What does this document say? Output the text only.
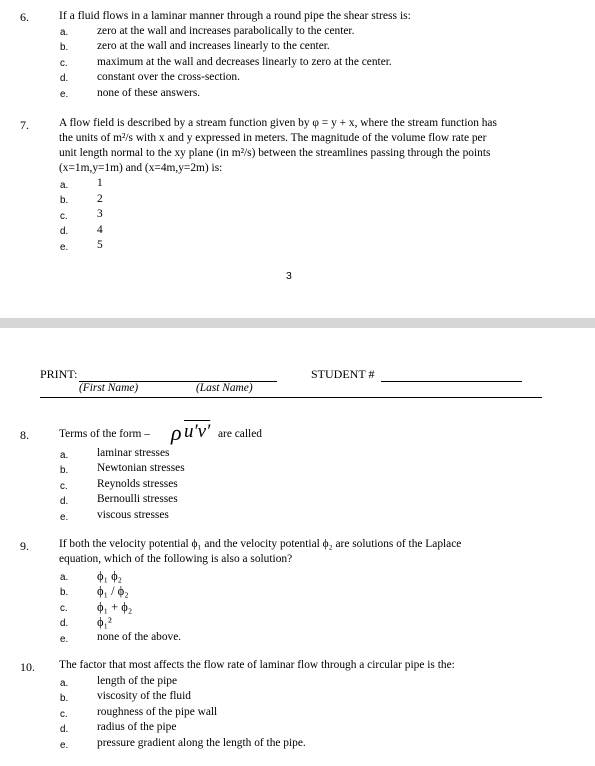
6.	If a fluid flows in a laminar manner through a round pipe the shear stress is:
a.	zero at the wall and increases parabolically to the center.
b.	zero at the wall and increases linearly to the center.
c.	maximum at the wall and decreases linearly to zero at the center.
d.	constant over the cross-section.
e.	none of these answers.
7.	A flow field is described by a stream function given by φ = y + x, where the stream function has
the units of m²/s with x and y expressed in meters. The magnitude of the volume flow rate per
unit length normal to the xy plane (in m²/s) between the streamlines passing through the points
(x=1m,y=1m) and (x=4m,y=2m) is:
a.	1
b.	2
c.	3
d.	4
e.	5
3
PRINT:
(First Name)	(Last Name)
STUDENT #
8.	Terms of the form – ρ u′v′ are called
a.	laminar stresses
b.	Newtonian stresses
c.	Reynolds stresses
d.	Bernoulli stresses
e.	viscous stresses
9.	If both the velocity potential ϕ₁ and the velocity potential ϕ₂ are solutions of the Laplace
equation, which of the following is also a solution?
a. ϕ₁ ϕ₂
b. ϕ₁ / ϕ₂
c. ϕ₁ + ϕ₂
d. ϕ₁²
e.	none of the above.
10. The factor that most affects the flow rate of laminar flow through a circular pipe is the:
a.	length of the pipe
b.	viscosity of the fluid
c.	roughness of the pipe wall
d.	radius of the pipe
e.	pressure gradient along the length of the pipe.
